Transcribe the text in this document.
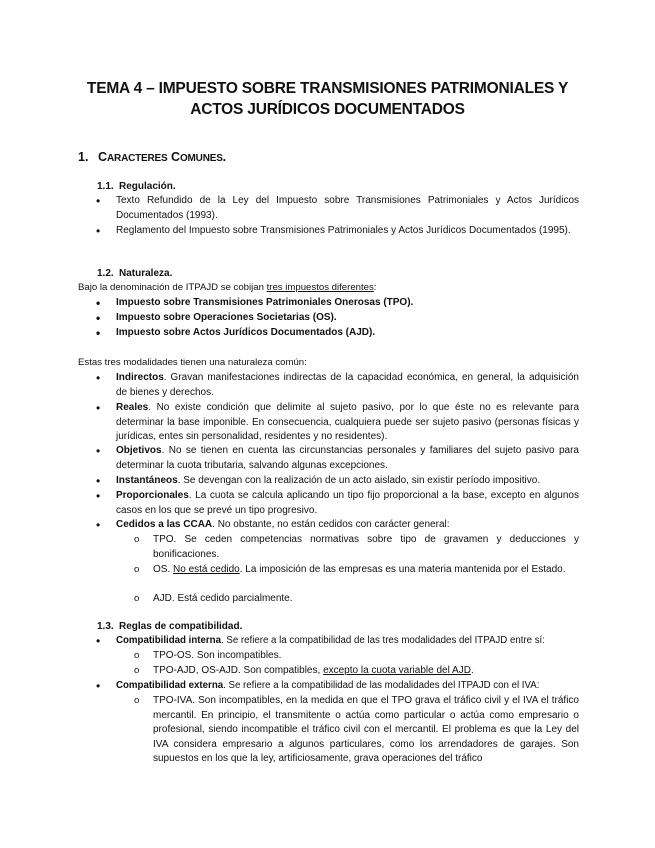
TEMA 4 – IMPUESTO SOBRE TRANSMISIONES PATRIMONIALES Y
ACTOS JURÍDICOS DOCUMENTADOS
1. CARACTERES COMUNES.
1.1. Regulación.
• Texto Refundido de la Ley del Impuesto sobre Transmisiones Patrimoniales y Actos Jurídicos Documentados (1993).
• Reglamento del Impuesto sobre Transmisiones Patrimoniales y Actos Jurídicos Documentados (1995).
1.2. Naturaleza.
Bajo la denominación de ITPAJD se cobijan tres impuestos diferentes:
• Impuesto sobre Transmisiones Patrimoniales Onerosas (TPO).
• Impuesto sobre Operaciones Societarias (OS).
• Impuesto sobre Actos Jurídicos Documentados (AJD).
Estas tres modalidades tienen una naturaleza común:
• Indirectos. Gravan manifestaciones indirectas de la capacidad económica, en general, la adquisición de bienes y derechos.
• Reales. No existe condición que delimite al sujeto pasivo, por lo que éste no es relevante para determinar la base imponible. En consecuencia, cualquiera puede ser sujeto pasivo (personas físicas y jurídicas, entes sin personalidad, residentes y no residentes).
• Objetivos. No se tienen en cuenta las circunstancias personales y familiares del sujeto pasivo para determinar la cuota tributaria, salvando algunas excepciones.
• Instantáneos. Se devengan con la realización de un acto aislado, sin existir período impositivo.
• Proporcionales. La cuota se calcula aplicando un tipo fijo proporcional a la base, excepto en algunos casos en los que se prevé un tipo progresivo.
• Cedidos a las CCAA. No obstante, no están cedidos con carácter general:
o TPO. Se ceden competencias normativas sobre tipo de gravamen y deducciones y bonificaciones.
o OS. No está cedido. La imposición de las empresas es una materia mantenida por el Estado.
o AJD. Está cedido parcialmente.
1.3. Reglas de compatibilidad.
• Compatibilidad interna. Se refiere a la compatibilidad de las tres modalidades del ITPAJD entre sí:
o TPO-OS. Son incompatibles.
o TPO-AJD, OS-AJD. Son compatibles, excepto la cuota variable del AJD.
• Compatibilidad externa. Se refiere a la compatibilidad de las modalidades del ITPAJD con el IVA:
o TPO-IVA. Son incompatibles, en la medida en que el TPO grava el tráfico civil y el IVA el tráfico mercantil. En principio, el transmitente o actúa como particular o actúa como empresario o profesional, siendo incompatible el tráfico civil con el mercantil. El problema es que la Ley del IVA considera empresario a algunos particulares, como los arrendadores de garajes. Son supuestos en los que la ley, artificiosamente, grava operaciones del tráfico
